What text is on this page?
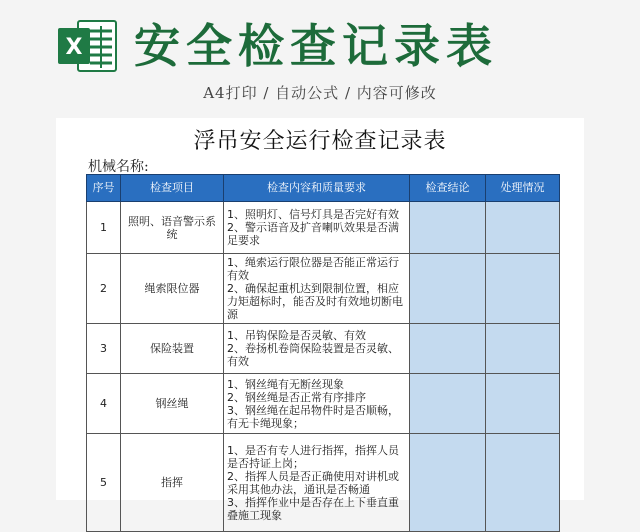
X 安全检查记录表
A4打印 / 自动公式 / 内容可修改
浮吊安全运行检查记录表
机械名称:
序号	检查项目	检查内容和质量要求	检查结论	处理情况
1	照明、语音警示系统	1、照明灯、信号灯具是否完好有效
2、警示语音及扩音喇叭效果是否满足要求		

2	绳索限位器	1、绳索运行限位器是否能正常运行有效
2、确保起重机达到限制位置，相应力矩超标时，能否及时有效地切断电源		

3	保险装置	1、吊钩保险是否灵敏、有效
2、卷扬机卷筒保险装置是否灵敏、有效		

4	钢丝绳	1、钢丝绳有无断丝现象
2、钢丝绳是否正常有序排序
3、钢丝绳在起吊物件时是否顺畅，有无卡绳现象；		

5	指挥	1、是否有专人进行指挥，指挥人员是否持证上岗；
2、指挥人员是否正确使用对讲机或采用其他办法，通讯是否畅通
3、指挥作业中是否存在上下垂直重叠施工现象		
